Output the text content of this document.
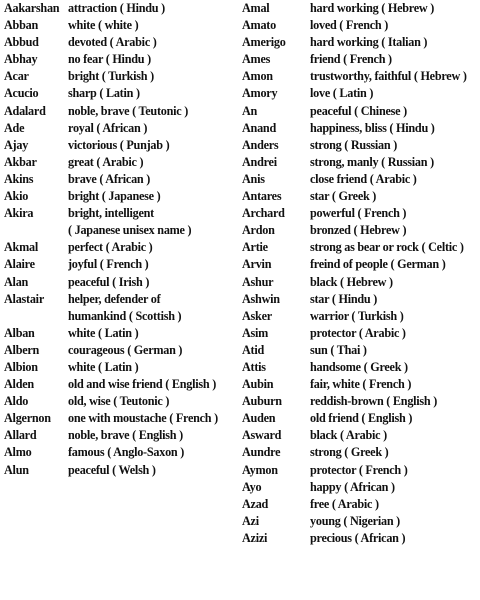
Aakarshan attraction ( Hindu )
Abban	white ( white )
Abbud	devoted ( Arabic )
Abhay	no fear ( Hindu )
Acar	bright ( Turkish )
Acucio	sharp ( Latin )
Adalard	noble, brave ( Teutonic )
Ade	royal ( African )
Ajay	victorious ( Punjab )
Akbar	great ( Arabic )
Akins	brave ( African )
Akio	bright ( Japanese )
Akira	bright, intelligent
( Japanese unisex name )
Akmal	perfect ( Arabic )
Alaire	joyful ( French )
Alan	peaceful ( Irish )
Alastair	helper, defender of
humankind ( Scottish )
Alban	white ( Latin )
Albern	courageous ( German )
Albion	white ( Latin )
Alden	old and wise friend ( English )
Aldo	old, wise ( Teutonic )
Algernon	one with moustache ( French )
Allard	noble, brave ( English )
Almo	famous ( Anglo-Saxon )
Alun	peaceful ( Welsh )
Amal	hard working ( Hebrew )
Amato	loved ( French )
Amerigo	hard working ( Italian )
Ames	friend ( French )
Amon	trustworthy, faithful ( Hebrew )
Amory	love ( Latin )
An	peaceful ( Chinese )
Anand	happiness, bliss ( Hindu )
Anders	strong ( Russian )
Andrei	strong, manly ( Russian )
Anis	close friend ( Arabic )
Antares	star ( Greek )
Archard	powerful ( French )
Ardon	bronzed ( Hebrew )
Artie	strong as bear or rock ( Celtic )
Arvin	freind of people ( German )
Ashur	black ( Hebrew )
Ashwin	star ( Hindu )
Asker	warrior ( Turkish )
Asim	protector ( Arabic )
Atid	sun ( Thai )
Attis	handsome ( Greek )
Aubin	fair, white ( French )
Auburn	reddish-brown ( English )
Auden	old friend ( English )
Asward	black ( Arabic )
Aundre	strong ( Greek )
Aymon	protector ( French )
Ayo	happy ( African )
Azad	free ( Arabic )
Azi	young ( Nigerian )
Azizi	precious ( African )
